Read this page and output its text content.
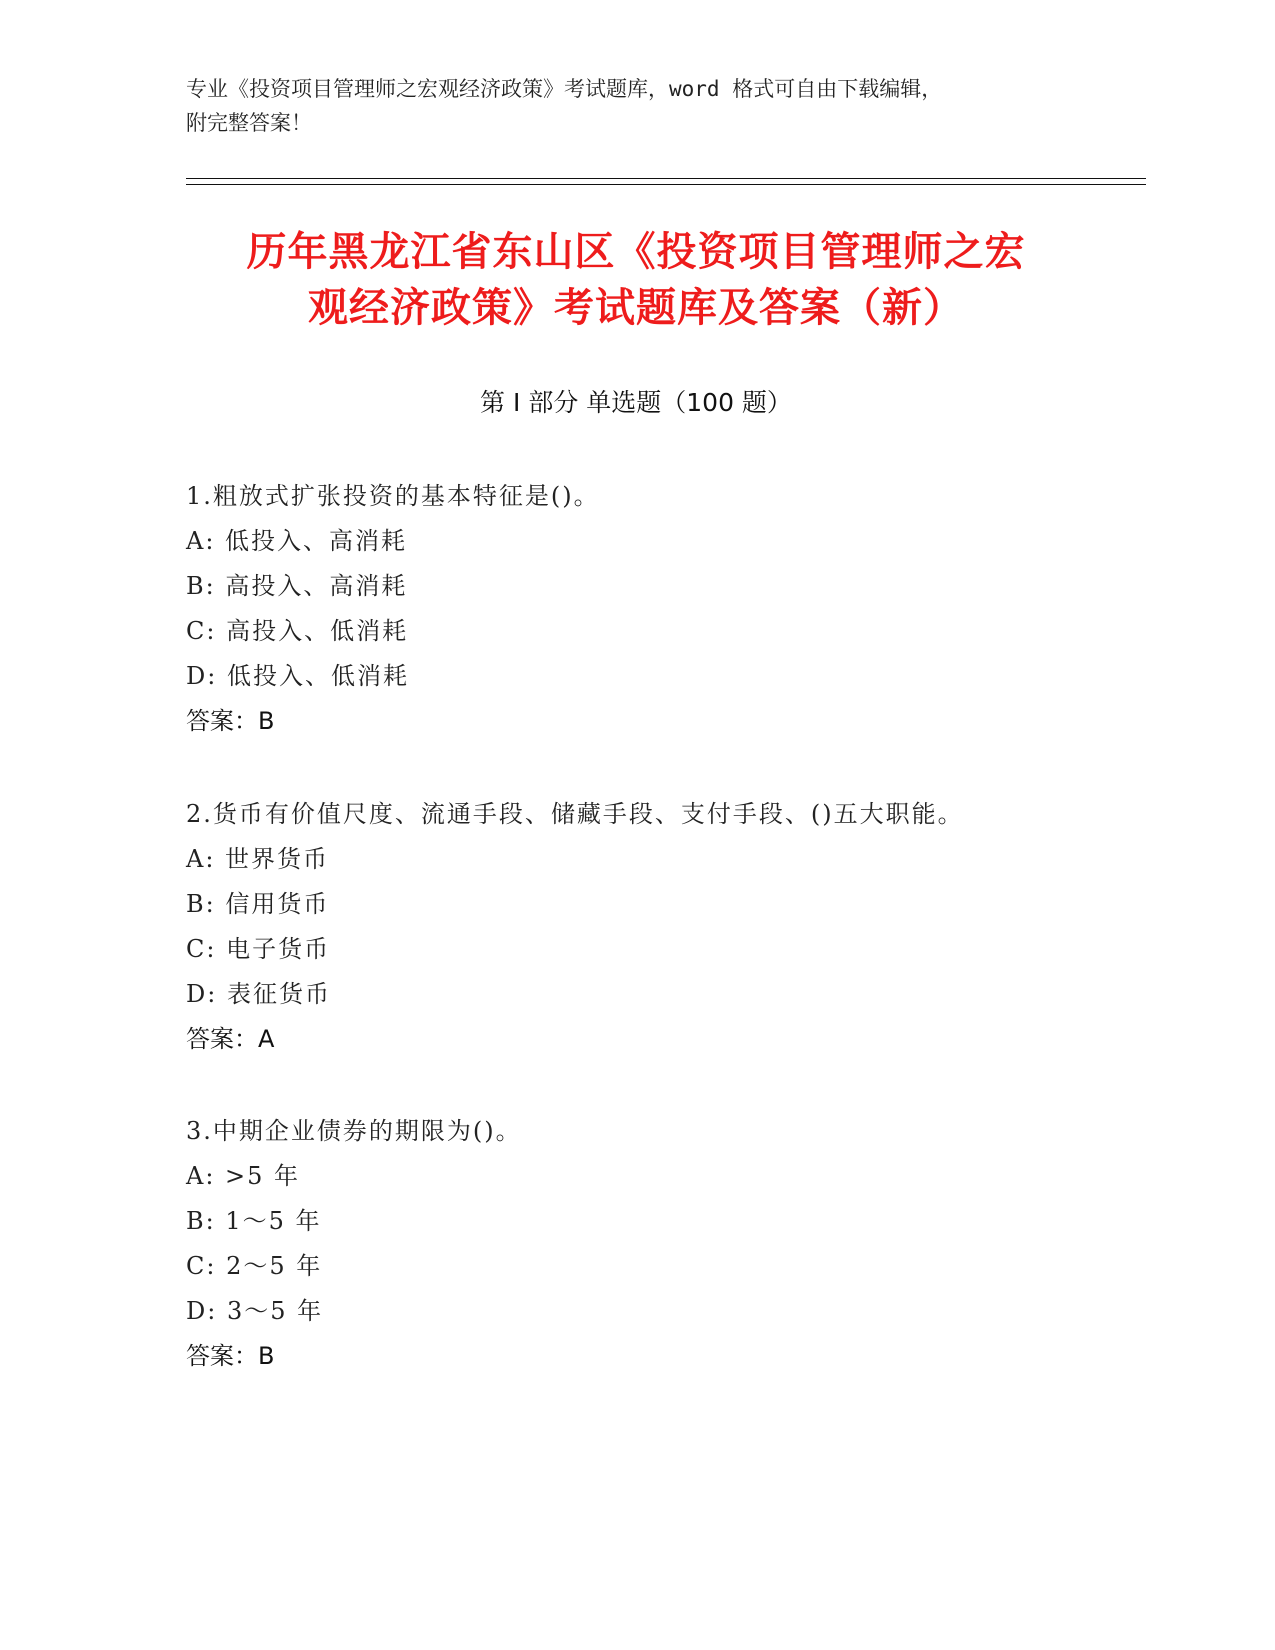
专业《投资项目管理师之宏观经济政策》考试题库，word 格式可自由下载编辑，
附完整答案！
历年黑龙江省东山区《投资项目管理师之宏
观经济政策》考试题库及答案（新）
第 I 部分 单选题（100 题）
1.粗放式扩张投资的基本特征是()。
A: 低投入、高消耗
B: 高投入、高消耗
C: 高投入、低消耗
D: 低投入、低消耗
答案：B
2.货币有价值尺度、流通手段、储藏手段、支付手段、()五大职能。
A: 世界货币
B: 信用货币
C: 电子货币
D: 表征货币
答案：A
3.中期企业债券的期限为()。
A: >5 年
B: 1～5 年
C: 2～5 年
D: 3～5 年
答案：B
